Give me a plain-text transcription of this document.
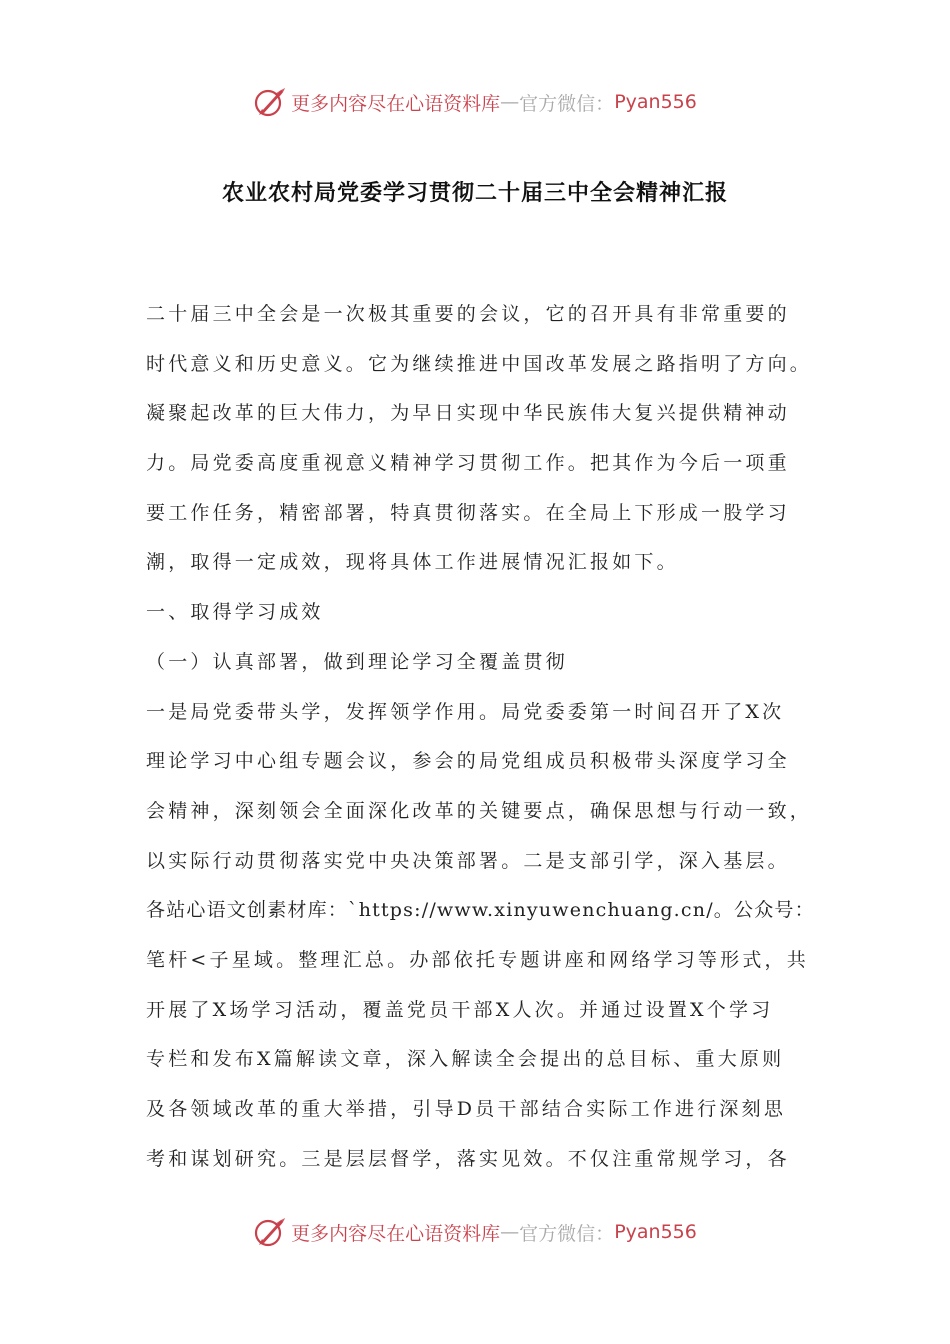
更多内容尽在心语资料库 — 官方微信： Pyan556
农业农村局党委学习贯彻二十届三中全会精神汇报
二十届三中全会是一次极其重要的会议，它的召开具有非常重要的
时代意义和历史意义。它为继续推进中国改革发展之路指明了方向。
凝聚起改革的巨大伟力，为早日实现中华民族伟大复兴提供精神动
力。局党委高度重视意义精神学习贯彻工作。把其作为今后一项重
要工作任务，精密部署，特真贯彻落实。在全局上下形成一股学习
潮，取得一定成效，现将具体工作进展情况汇报如下。
一、取得学习成效
（一）认真部署，做到理论学习全覆盖贯彻
一是局党委带头学，发挥领学作用。局党委委第一时间召开了X次
理论学习中心组专题会议，参会的局党组成员积极带头深度学习全
会精神，深刻领会全面深化改革的关键要点，确保思想与行动一致，
以实际行动贯彻落实党中央决策部署。二是支部引学，深入基层。
各站心语文创素材库：`https://www.xinyuwenchuang.cn/。公众号：
笔杆<子星域。整理汇总。办部依托专题讲座和网络学习等形式，共
开展了X场学习活动，覆盖党员干部X人次。并通过设置X个学习
专栏和发布X篇解读文章，深入解读全会提出的总目标、重大原则
及各领域改革的重大举措，引导D员干部结合实际工作进行深刻思
考和谋划研究。三是层层督学，落实见效。不仅注重常规学习，各
更多内容尽在心语资料库 — 官方微信： Pyan556
